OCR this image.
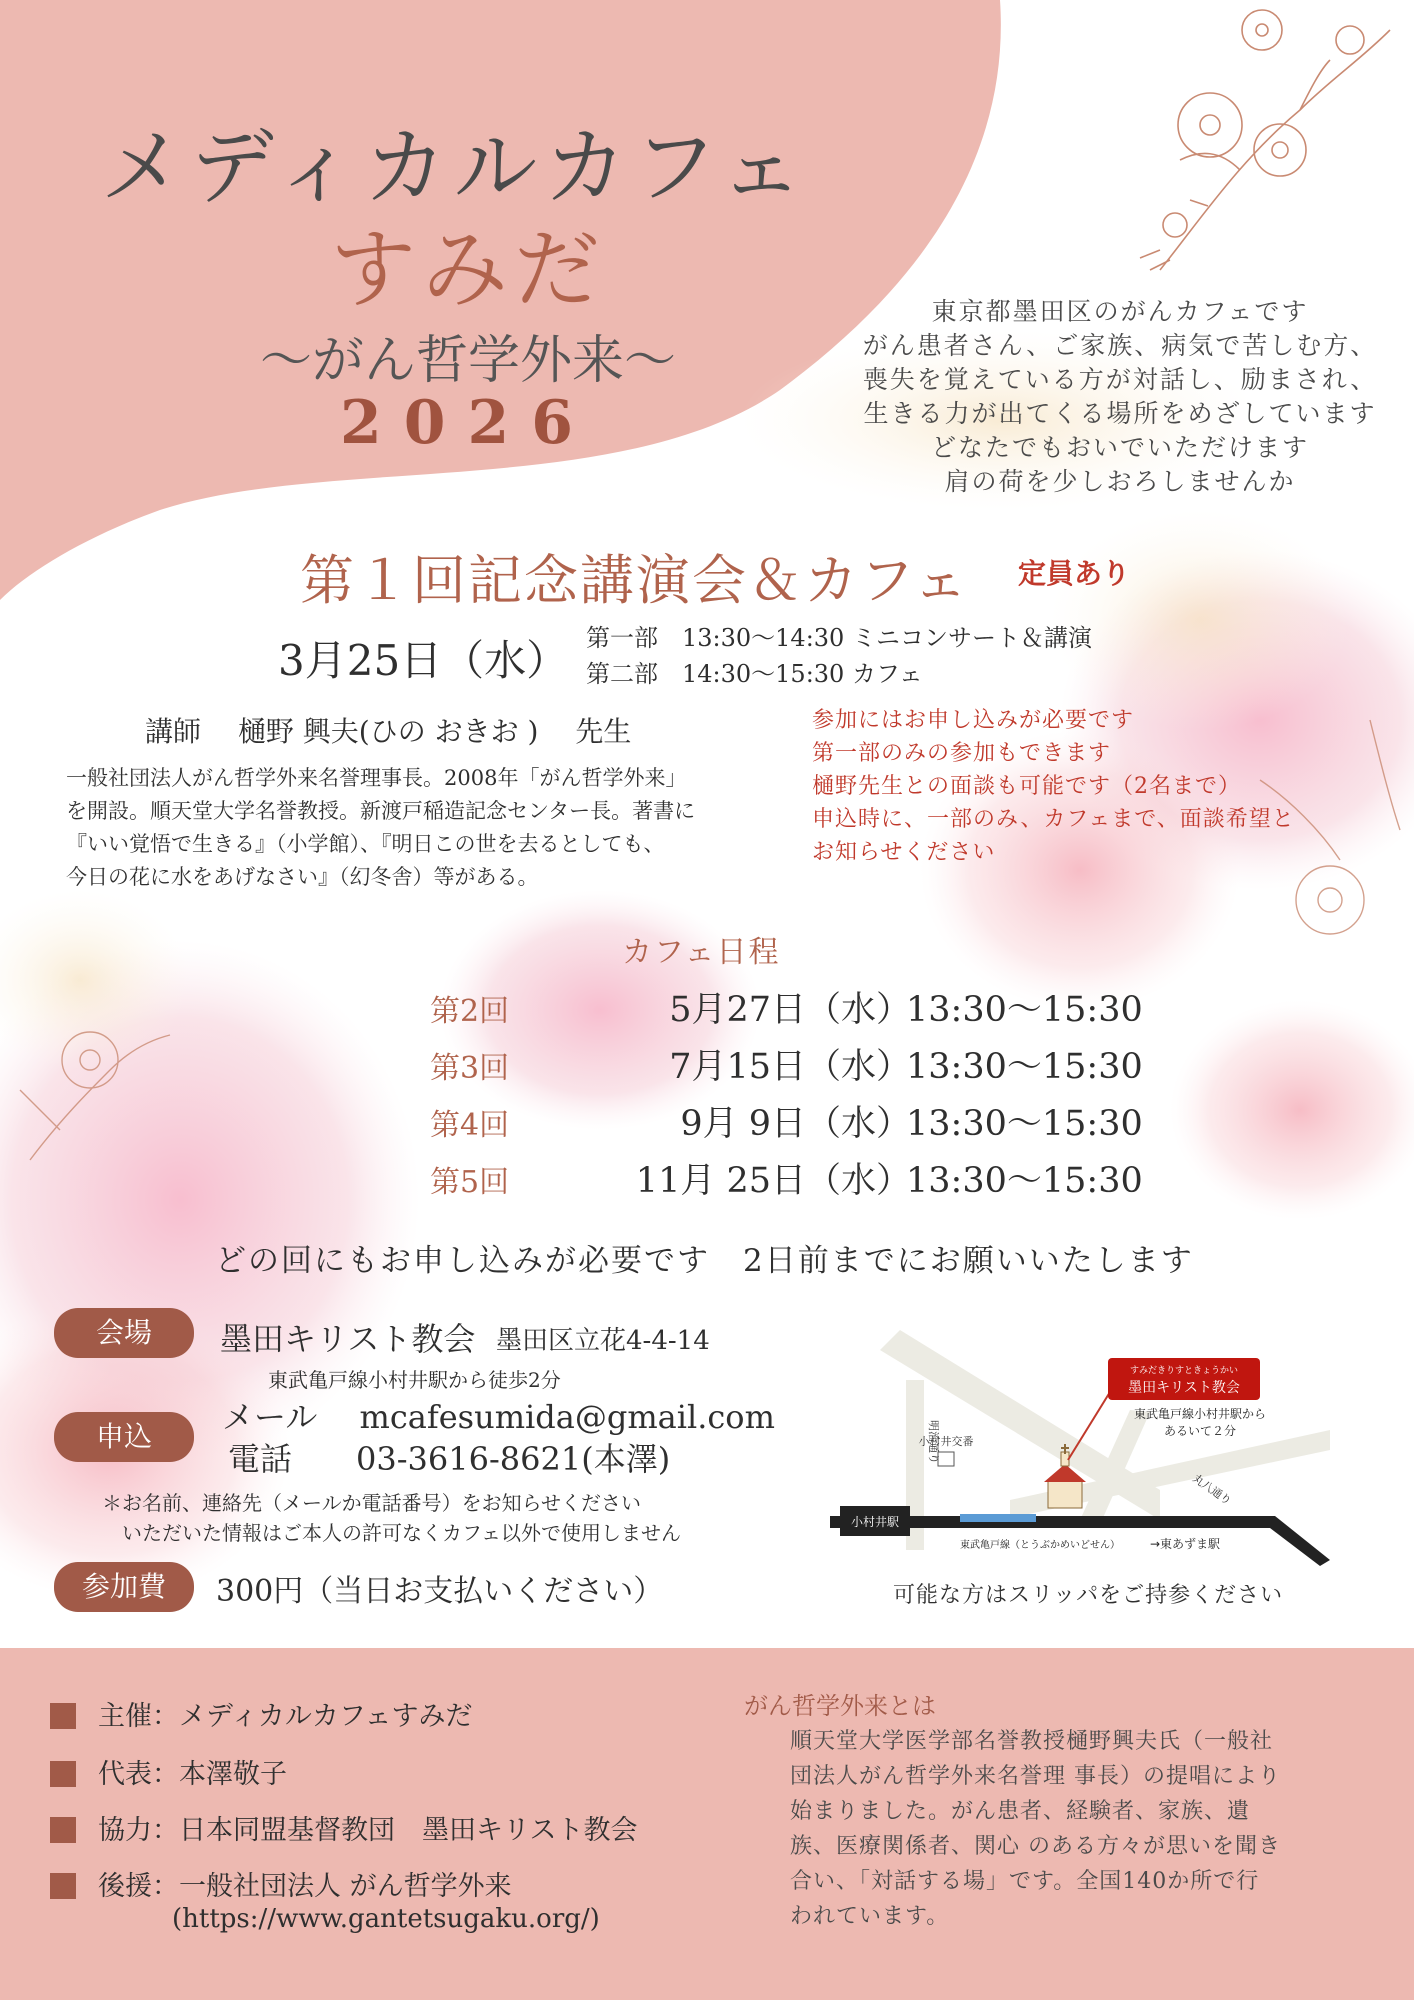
メディカルカフェ
すみだ
〜がん哲学外来〜
2026
東京都墨田区のがんカフェです
がん患者さん、ご家族、病気で苦しむ方、
喪失を覚えている方が対話し、励まされ、
生きる力が出てくる場所をめざしています
どなたでもおいでいただけます
肩の荷を少しおろしませんか
第１回記念講演会＆カフェ 定員あり
3月25日（水） 第一部　13:30〜14:30 ミニコンサート＆講演
第二部　14:30〜15:30 カフェ
講師　 樋野 興夫(ひの おきお )　 先生
一般社団法人がん哲学外来名誉理事長。2008年「がん哲学外来」
を開設。順天堂大学名誉教授。新渡戸稲造記念センター長。著書に
『いい覚悟で生きる』（小学館）、『明日この世を去るとしても、
今日の花に水をあげなさい』（幻冬舎）等がある。
参加にはお申し込みが必要です
第一部のみの参加もできます
樋野先生との面談も可能です（2名まで）
申込時に、一部のみ、カフェまで、面談希望と
お知らせください
カフェ日程
第2回	5月27日（水）13:30〜15:30
第3回	7月15日（水）13:30〜15:30
第4回	9月 9日（水）13:30〜15:30
第5回	11月 25日（水）13:30〜15:30
どの回にもお申し込みが必要です　2日前までにお願いいたします
会場	墨田キリスト教会 墨田区立花4-4-14
東武亀戸線小村井駅から徒歩2分
申込
メール　 mcafesumida@gmail.com
電話　　03-3616-8621(本澤)
＊お名前、連絡先（メールか電話番号）をお知らせください
　いただいた情報はご本人の許可なくカフェ以外で使用しません
参加費	300円（当日お支払いください）
小村井駅
小村井交番
すみだきりすときょうかい
墨田キリスト教会
東武亀戸線小村井駅から
あるいて２分
明治通り
丸八通り
東武亀戸線（とうぶかめいどせん）	→東あずま駅
可能な方はスリッパをご持参ください
主催：メディカルカフェすみだ
代表：本澤敬子
協力：日本同盟基督教団　墨田キリスト教会
後援：一般社団法人 がん哲学外来
(https://www.gantetsugaku.org/)
がん哲学外来とは
順天堂大学医学部名誉教授樋野興夫氏（一般社
団法人がん哲学外来名誉理 事長）の提唱により
始まりました。がん患者、経験者、家族、遺
族、医療関係者、関心 のある方々が思いを聞き
合い、「対話する場」です。全国140か所で行
われています。
